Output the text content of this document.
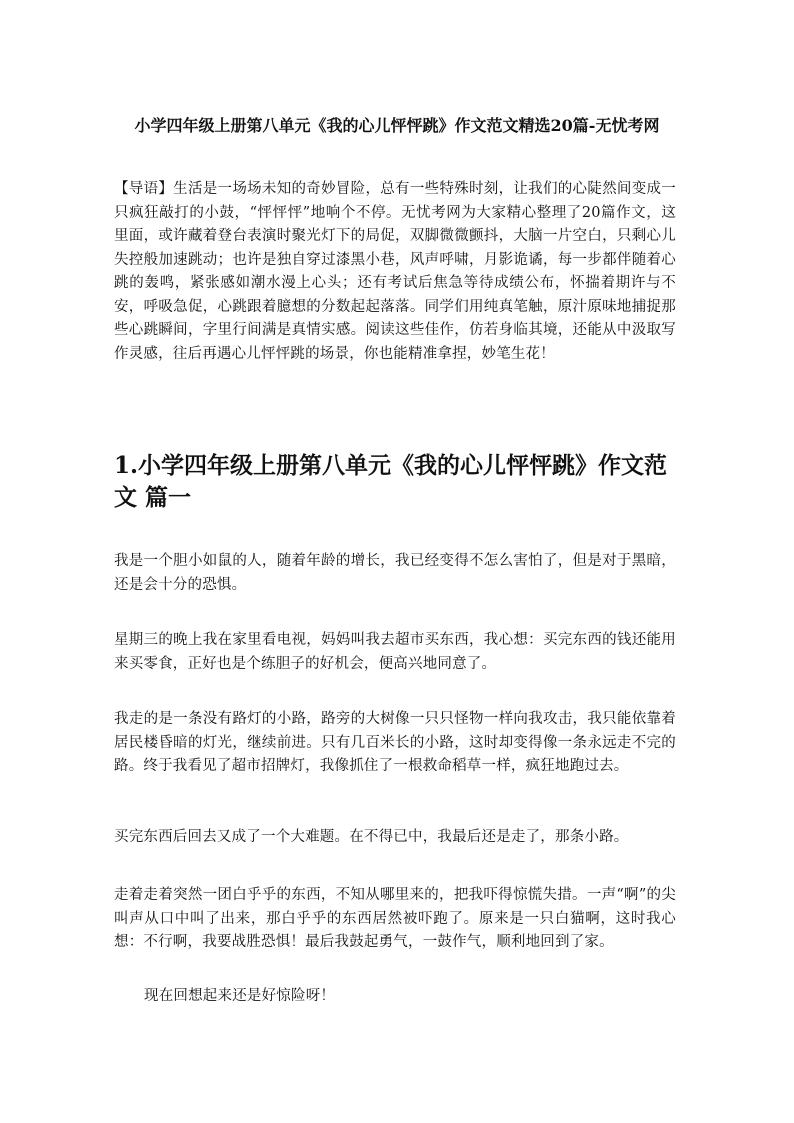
小学四年级上册第八单元《我的心儿怦怦跳》作文范文精选20篇-无忧考网

【导语】生活是一场场未知的奇妙冒险，总有一些特殊时刻，让我们的心陡然间变成一只疯狂敲打的小鼓，“怦怦怦”地响个不停。无忧考网为大家精心整理了20篇作文，这里面，或许藏着登台表演时聚光灯下的局促，双脚微微颤抖，大脑一片空白，只剩心儿失控般加速跳动；也许是独自穿过漆黑小巷，风声呼啸，月影诡谲，每一步都伴随着心跳的轰鸣，紧张感如潮水漫上心头；还有考试后焦急等待成绩公布，怀揣着期许与不安，呼吸急促，心跳跟着臆想的分数起起落落。同学们用纯真笔触，原汁原味地捕捉那些心跳瞬间，字里行间满是真情实感。阅读这些佳作，仿若身临其境，还能从中汲取写作灵感，往后再遇心儿怦怦跳的场景，你也能精准拿捏，妙笔生花！

1.小学四年级上册第八单元《我的心儿怦怦跳》作文范文 篇一

我是一个胆小如鼠的人，随着年龄的增长，我已经变得不怎么害怕了，但是对于黑暗，还是会十分的恐惧。

星期三的晚上我在家里看电视，妈妈叫我去超市买东西，我心想：买完东西的钱还能用来买零食，正好也是个练胆子的好机会，便高兴地同意了。

我走的是一条没有路灯的小路，路旁的大树像一只只怪物一样向我攻击，我只能依靠着居民楼昏暗的灯光，继续前进。只有几百米长的小路，这时却变得像一条永远走不完的路。终于我看见了超市招牌灯，我像抓住了一根救命稻草一样，疯狂地跑过去。

买完东西后回去又成了一个大难题。在不得已中，我最后还是走了，那条小路。

走着走着突然一团白乎乎的东西，不知从哪里来的，把我吓得惊慌失措。一声“啊”的尖叫声从口中叫了出来，那白乎乎的东西居然被吓跑了。原来是一只白猫啊，这时我心想：不行啊，我要战胜恐惧！最后我鼓起勇气，一鼓作气，顺利地回到了家。

现在回想起来还是好惊险呀！
